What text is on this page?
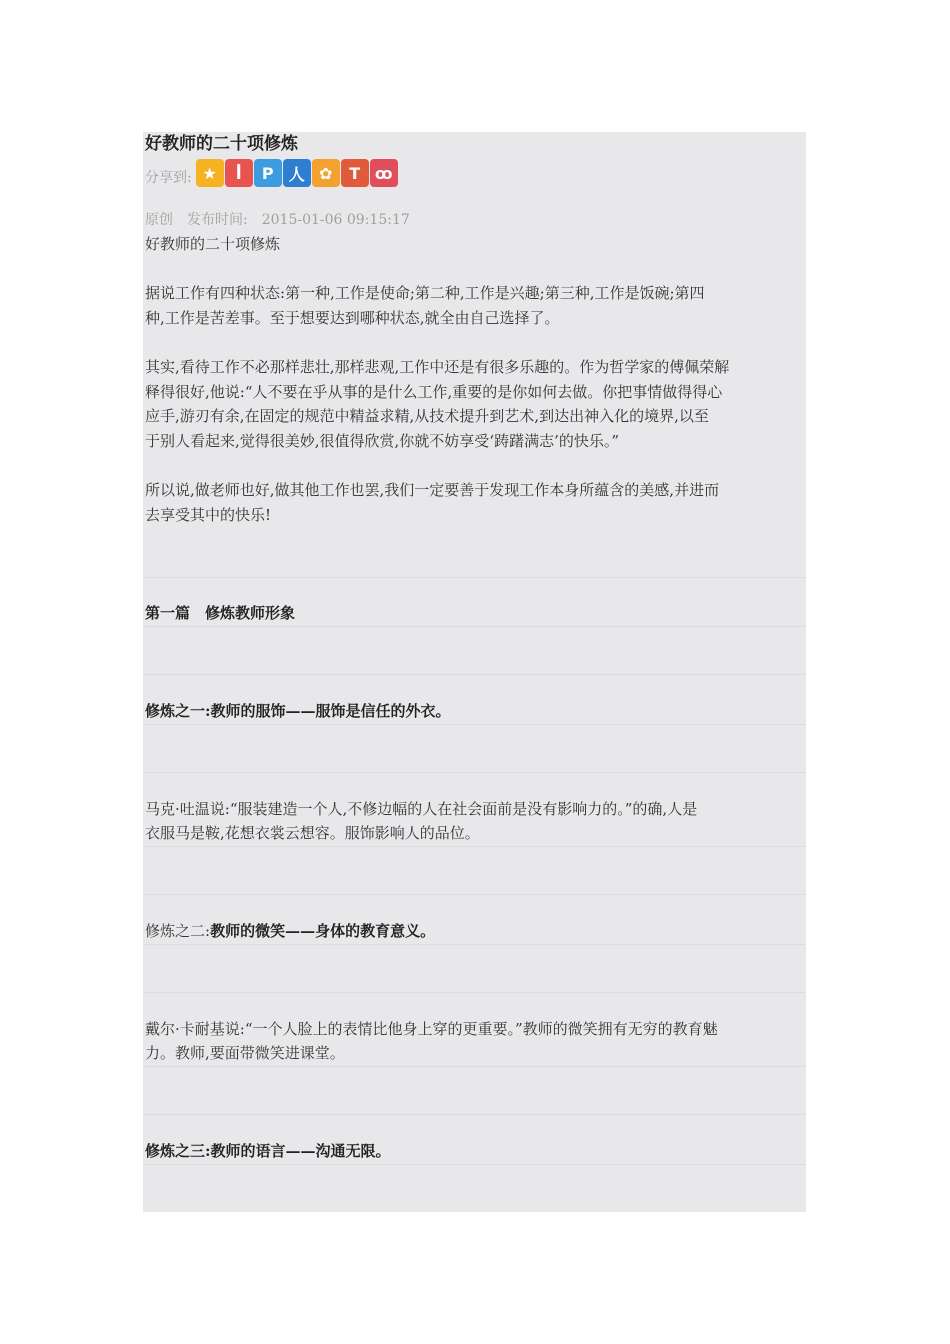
好教师的二十项修炼
分享到: ★	ꟾ	P 人 ✿	T ꝏ
原创 发布时间: 2015-01-06 09:15:17
好教师的二十项修炼
据说工作有四种状态:第一种,工作是使命;第二种,工作是兴趣;第三种,工作是饭碗;第四
种,工作是苦差事。至于想要达到哪种状态,就全由自己选择了。
其实,看待工作不必那样悲壮,那样悲观,工作中还是有很多乐趣的。作为哲学家的傅佩荣解
释得很好,他说:“人不要在乎从事的是什么工作,重要的是你如何去做。你把事情做得得心
应手,游刃有余,在固定的规范中精益求精,从技术提升到艺术,到达出神入化的境界,以至
于别人看起来,觉得很美妙,很值得欣赏,你就不妨享受‘踌躇满志’的快乐。”
所以说,做老师也好,做其他工作也罢,我们一定要善于发现工作本身所蕴含的美感,并进而
去享受其中的快乐!
第一篇　修炼教师形象
修炼之一:教师的服饰——服饰是信任的外衣。
马克·吐温说:“服装建造一个人,不修边幅的人在社会面前是没有影响力的。”的确,人是
衣服马是鞍,花想衣裳云想容。服饰影响人的品位。
修炼之二:教师的微笑——身体的教育意义。
戴尔·卡耐基说:“一个人脸上的表情比他身上穿的更重要。”教师的微笑拥有无穷的教育魅
力。教师,要面带微笑进课堂。
修炼之三:教师的语言——沟通无限。
